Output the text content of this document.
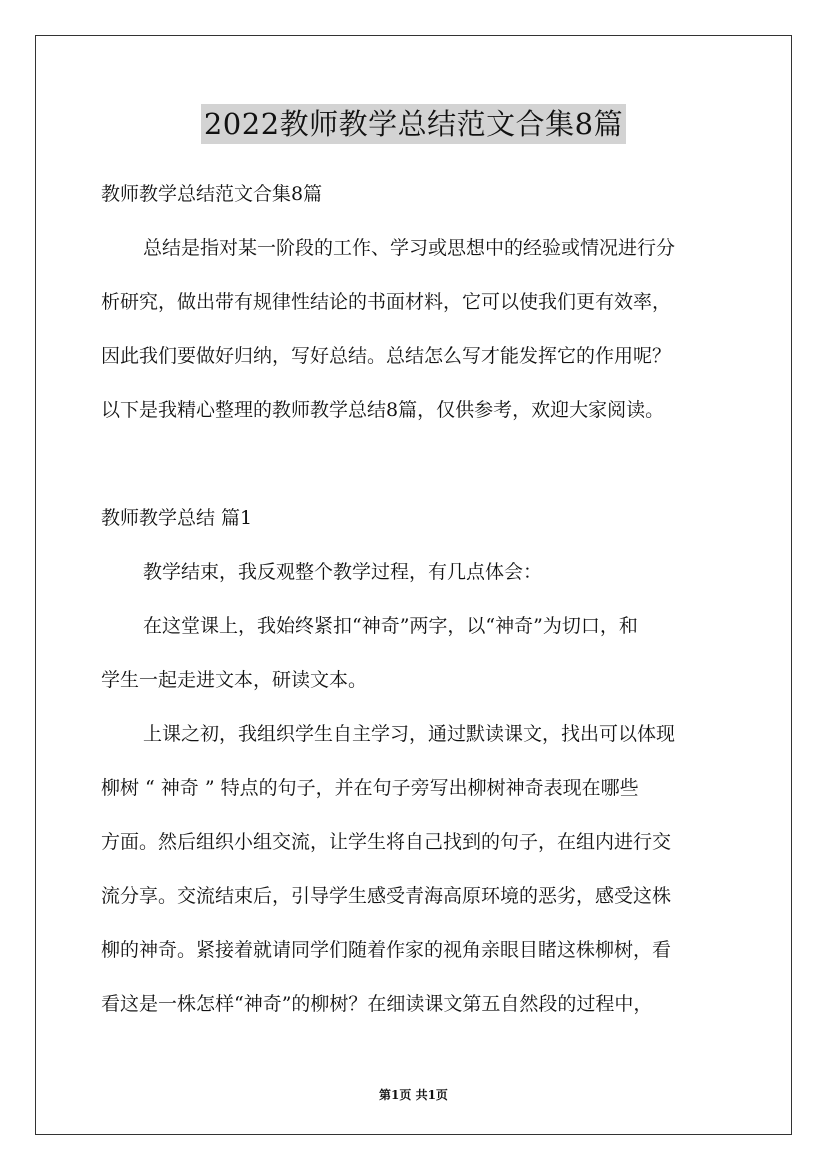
2022教师教学总结范文合集8篇
教师教学总结范文合集8篇
总结是指对某一阶段的工作、学习或思想中的经验或情况进行分
析研究，做出带有规律性结论的书面材料，它可以使我们更有效率，
因此我们要做好归纳，写好总结。总结怎么写才能发挥它的作用呢？
以下是我精心整理的教师教学总结8篇，仅供参考，欢迎大家阅读。
教师教学总结 篇1
教学结束，我反观整个教学过程，有几点体会：
在这堂课上，我始终紧扣“神奇”两字，以“神奇”为切口，和
学生一起走进文本，研读文本。
上课之初，我组织学生自主学习，通过默读课文，找出可以体现
柳树 “ 神奇 ” 特点的句子，并在句子旁写出柳树神奇表现在哪些
方面。然后组织小组交流，让学生将自己找到的句子，在组内进行交
流分享。交流结束后，引导学生感受青海高原环境的恶劣，感受这株
柳的神奇。紧接着就请同学们随着作家的视角亲眼目睹这株柳树，看
看这是一株怎样“神奇”的柳树？在细读课文第五自然段的过程中，
第1页 共1页
